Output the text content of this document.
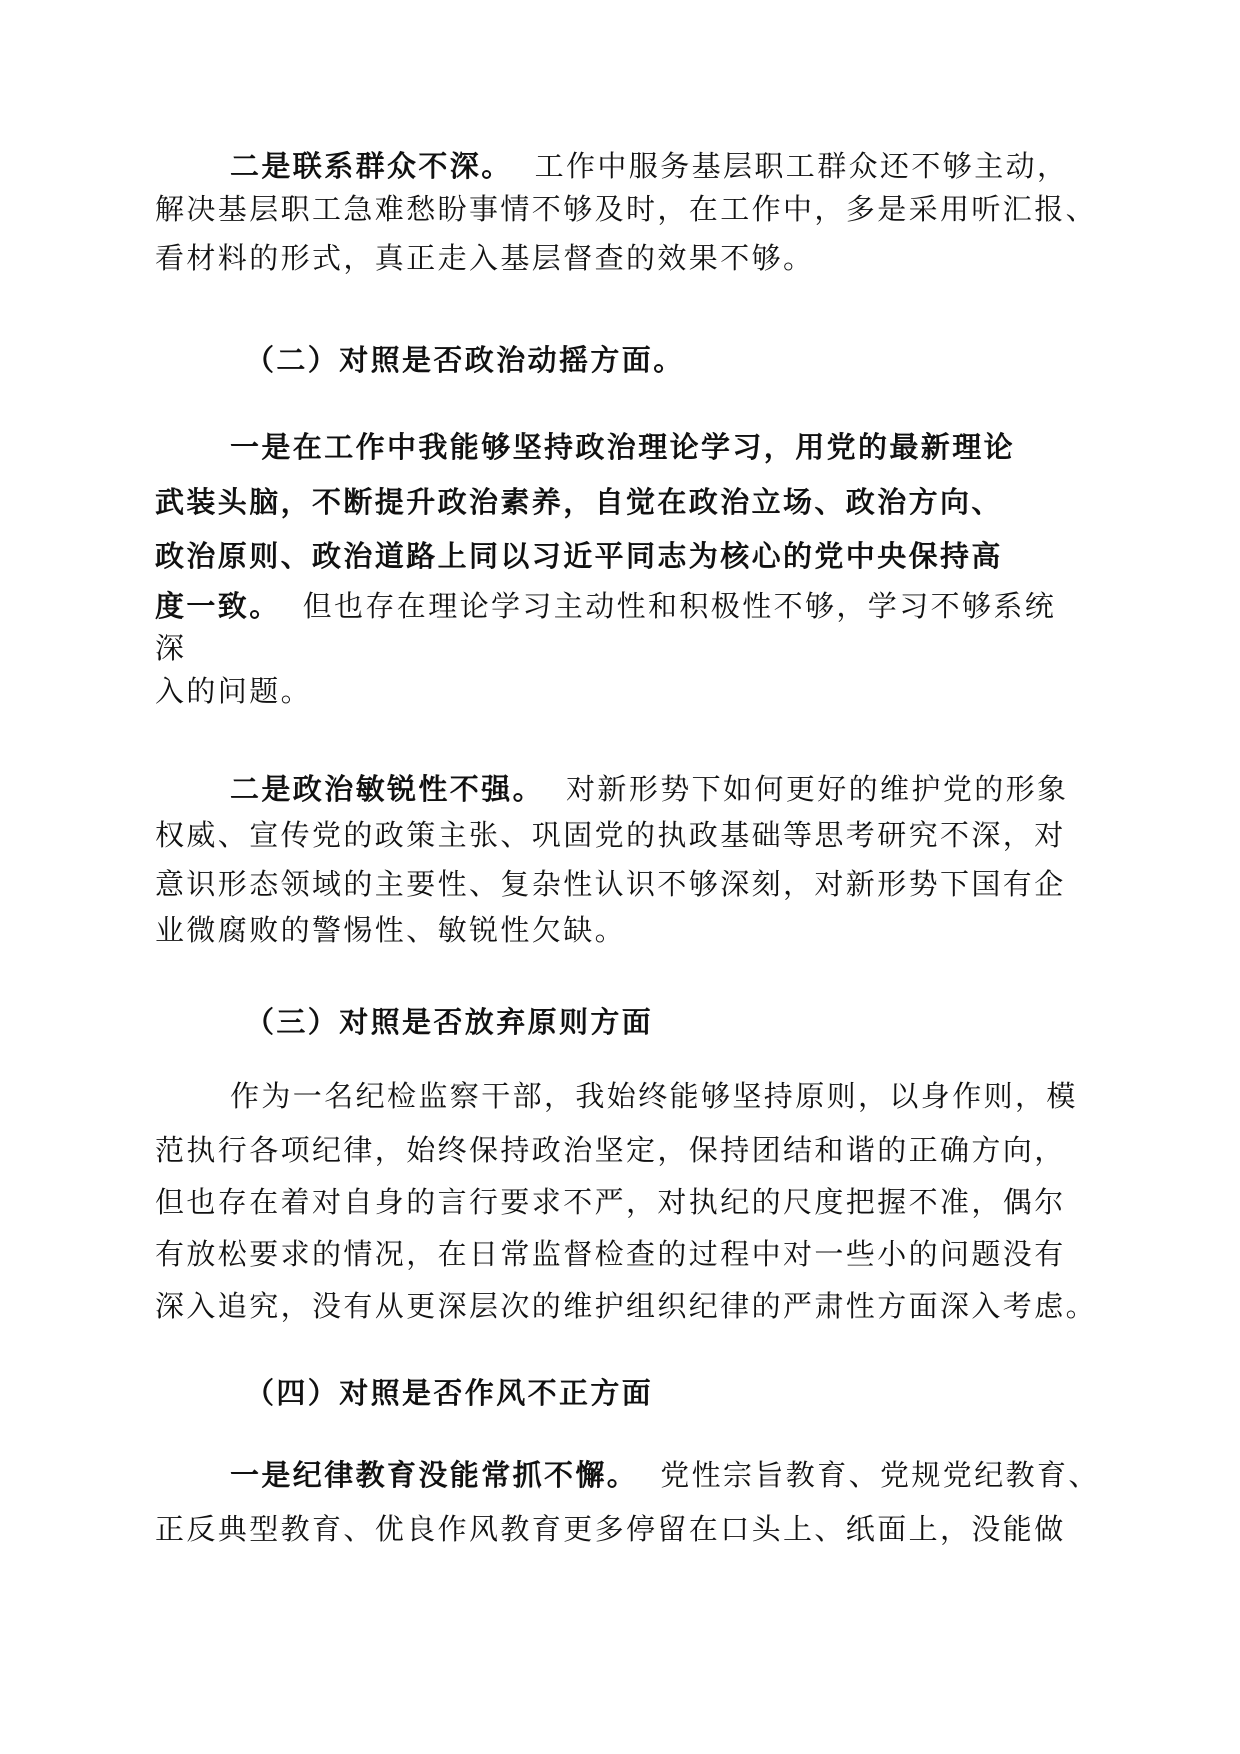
二是联系群众不深。 工作中服务基层职工群众还不够主动，
解决基层职工急难愁盼事情不够及时，在工作中，多是采用听汇报、
看材料的形式，真正走入基层督查的效果不够。
（二）对照是否政治动摇方面。
一是在工作中我能够坚持政治理论学习，用党的最新理论
武装头脑，不断提升政治素养，自觉在政治立场、政治方向、
政治原则、政治道路上同以习近平同志为核心的党中央保持高
度一致。 但也存在理论学习主动性和积极性不够，学习不够系统
深
入的问题。
二是政治敏锐性不强。 对新形势下如何更好的维护党的形象
权威、宣传党的政策主张、巩固党的执政基础等思考研究不深，对
意识形态领域的主要性、复杂性认识不够深刻，对新形势下国有企
业微腐败的警惕性、敏锐性欠缺。
（三）对照是否放弃原则方面
作为一名纪检监察干部，我始终能够坚持原则，以身作则，模
范执行各项纪律，始终保持政治坚定，保持团结和谐的正确方向，
但也存在着对自身的言行要求不严，对执纪的尺度把握不准，偶尔
有放松要求的情况，在日常监督检查的过程中对一些小的问题没有
深入追究，没有从更深层次的维护组织纪律的严肃性方面深入考虑。
（四）对照是否作风不正方面
一是纪律教育没能常抓不懈。 党性宗旨教育、党规党纪教育、
正反典型教育、优良作风教育更多停留在口头上、纸面上，没能做
